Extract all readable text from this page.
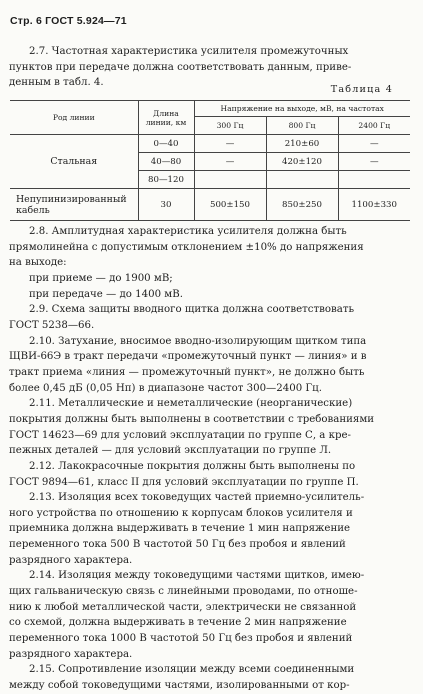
Стр. 6 ГОСТ 5.924—71

2.7. Частотная характеристика усилителя промежуточных
пунктов при передаче должна соответствовать данным, приве-
денным в табл. 4.

Таблица 4
Род линии	Длина линии, км	Напряжение на выходе, мВ, на частотах		
		300 Гц	800 Гц	2400 Гц
Стальная	0—40	—	210±60	—
	40—80	—	420±120	—
	80—120			

Непупинизированный
кабель	30	500±150	850±250	1100±330
2.8. Амплитудная характеристика усилителя должна быть
прямолинейна с допустимым отклонением ±10% до напряжения
на выходе:
при приеме — до 1900 мВ;
при передаче — до 1400 мВ.
2.9. Схема защиты вводного щитка должна соответствовать
ГОСТ 5238—66.
2.10. Затухание, вносимое вводно-изолирующим щитком типа
ЩВИ-66Э в тракт передачи «промежуточный пункт — линия» и в
тракт приема «линия — промежуточный пункт», не должно быть
более 0,45 дБ (0,05 Нп) в диапазоне частот 300—2400 Гц.
2.11. Металлические и неметаллические (неорганические)
покрытия должны быть выполнены в соответствии с требованиями
ГОСТ 14623—69 для условий эксплуатации по группе С, а кре-
пежных деталей — для условий эксплуатации по группе Л.
2.12. Лакокрасочные покрытия должны быть выполнены по
ГОСТ 9894—61, класс II для условий эксплуатации по группе П.
2.13. Изоляция всех токоведущих частей приемно-усилитель-
ного устройства по отношению к корпусам блоков усилителя и
приемника должна выдерживать в течение 1 мин напряжение
переменного тока 500 В частотой 50 Гц без пробоя и явлений
разрядного характера.
2.14. Изоляция между токоведущими частями щитков, имею-
щих гальваническую связь с линейными проводами, по отноше-
нию к любой металлической части, электрически не связанной
со схемой, должна выдерживать в течение 2 мин напряжение
переменного тока 1000 В частотой 50 Гц без пробоя и явлений
разрядного характера.
2.15. Сопротивление изоляции между всеми соединенными
между собой токоведущими частями, изолированными от кор-
